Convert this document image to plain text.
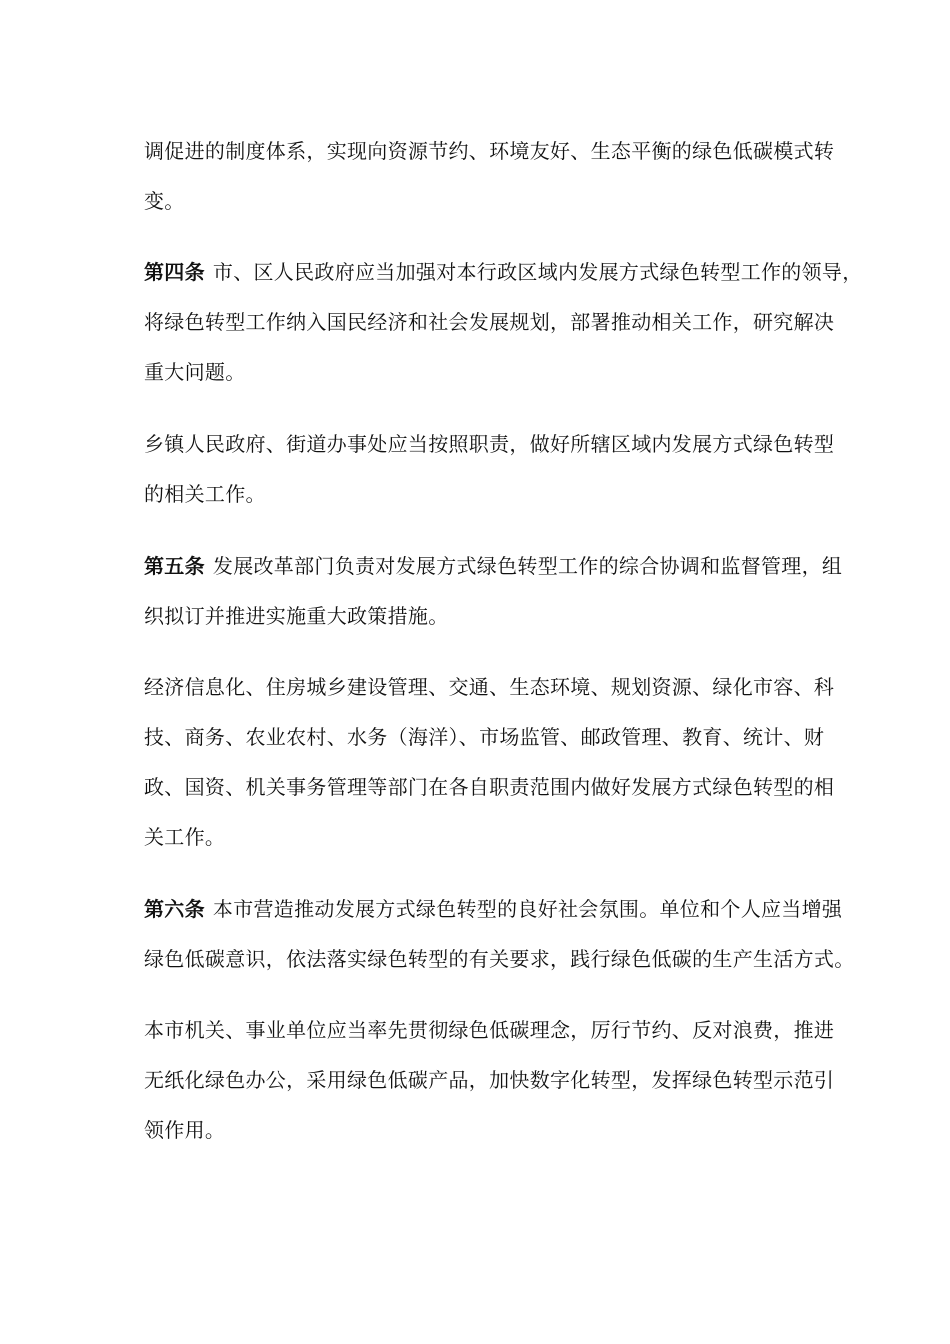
调促进的制度体系，实现向资源节约、环境友好、生态平衡的绿色低碳模式转
变。

第四条 市、区人民政府应当加强对本行政区域内发展方式绿色转型工作的领导，
将绿色转型工作纳入国民经济和社会发展规划，部署推动相关工作，研究解决
重大问题。

乡镇人民政府、街道办事处应当按照职责，做好所辖区域内发展方式绿色转型
的相关工作。

第五条 发展改革部门负责对发展方式绿色转型工作的综合协调和监督管理，组
织拟订并推进实施重大政策措施。

经济信息化、住房城乡建设管理、交通、生态环境、规划资源、绿化市容、科
技、商务、农业农村、水务（海洋）、市场监管、邮政管理、教育、统计、财
政、国资、机关事务管理等部门在各自职责范围内做好发展方式绿色转型的相
关工作。

第六条 本市营造推动发展方式绿色转型的良好社会氛围。单位和个人应当增强
绿色低碳意识，依法落实绿色转型的有关要求，践行绿色低碳的生产生活方式。

本市机关、事业单位应当率先贯彻绿色低碳理念，厉行节约、反对浪费，推进
无纸化绿色办公，采用绿色低碳产品，加快数字化转型，发挥绿色转型示范引
领作用。
